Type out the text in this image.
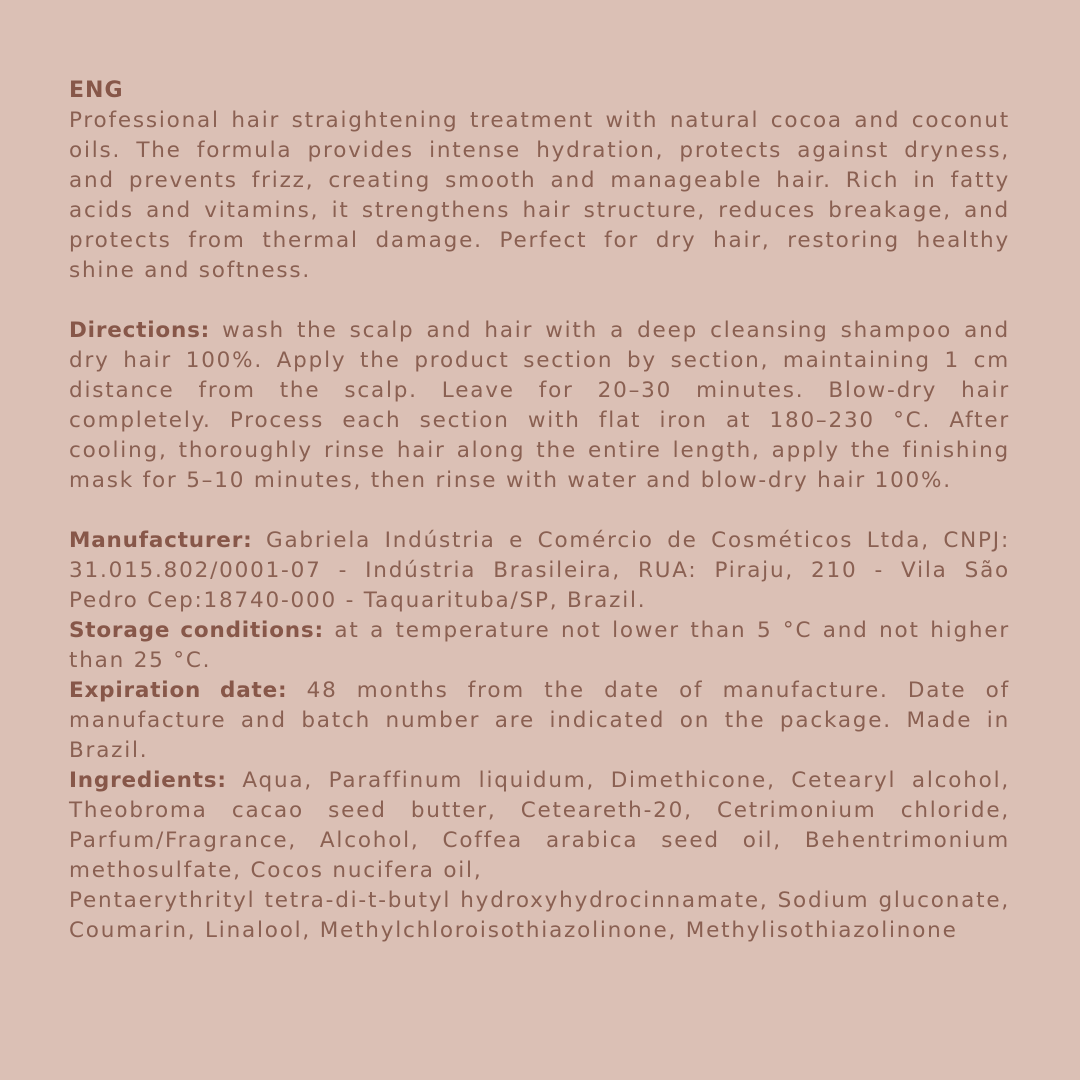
ENG

Professional hair straightening treatment with natural cocoa and coconut oils. The formula provides intense hydration, protects against dryness, and prevents frizz, creating smooth and manageable hair. Rich in fatty acids and vitamins, it strengthens hair structure, reduces breakage, and protects from thermal damage. Perfect for dry hair, restoring healthy shine and softness.

Directions: wash the scalp and hair with a deep cleansing shampoo and dry hair 100%. Apply the product section by section, maintaining 1 cm distance from the scalp. Leave for 20–30 minutes. Blow-dry hair completely. Process each section with flat iron at 180–230 °C. After cooling, thoroughly rinse hair along the entire length, apply the finishing mask for 5–10 minutes, then rinse with water and blow-dry hair 100%.

Manufacturer: Gabriela Indústria e Comércio de Cosméticos Ltda, CNPJ: 31.015.802/0001-07 - Indústria Brasileira, RUA: Piraju, 210 - Vila São Pedro Cep:18740-000 - Taquarituba/SP, Brazil.

Storage conditions: at a temperature not lower than 5 °C and not higher than 25 °C.

Expiration date: 48 months from the date of manufacture. Date of manufacture and batch number are indicated on the package. Made in Brazil.

Ingredients: Aqua, Paraffinum liquidum, Dimethicone, Cetearyl alcohol, Theobroma cacao seed butter, Ceteareth-20, Cetrimonium chloride, Parfum/Fragrance, Alcohol, Coffea arabica seed oil, Behentrimonium methosulfate, Cocos nucifera oil,

Pentaerythrityl tetra-di-t-butyl hydroxyhydrocinnamate, Sodium gluconate, Coumarin, Linalool, Methylchloroisothiazolinone, Methylisothiazolinone
